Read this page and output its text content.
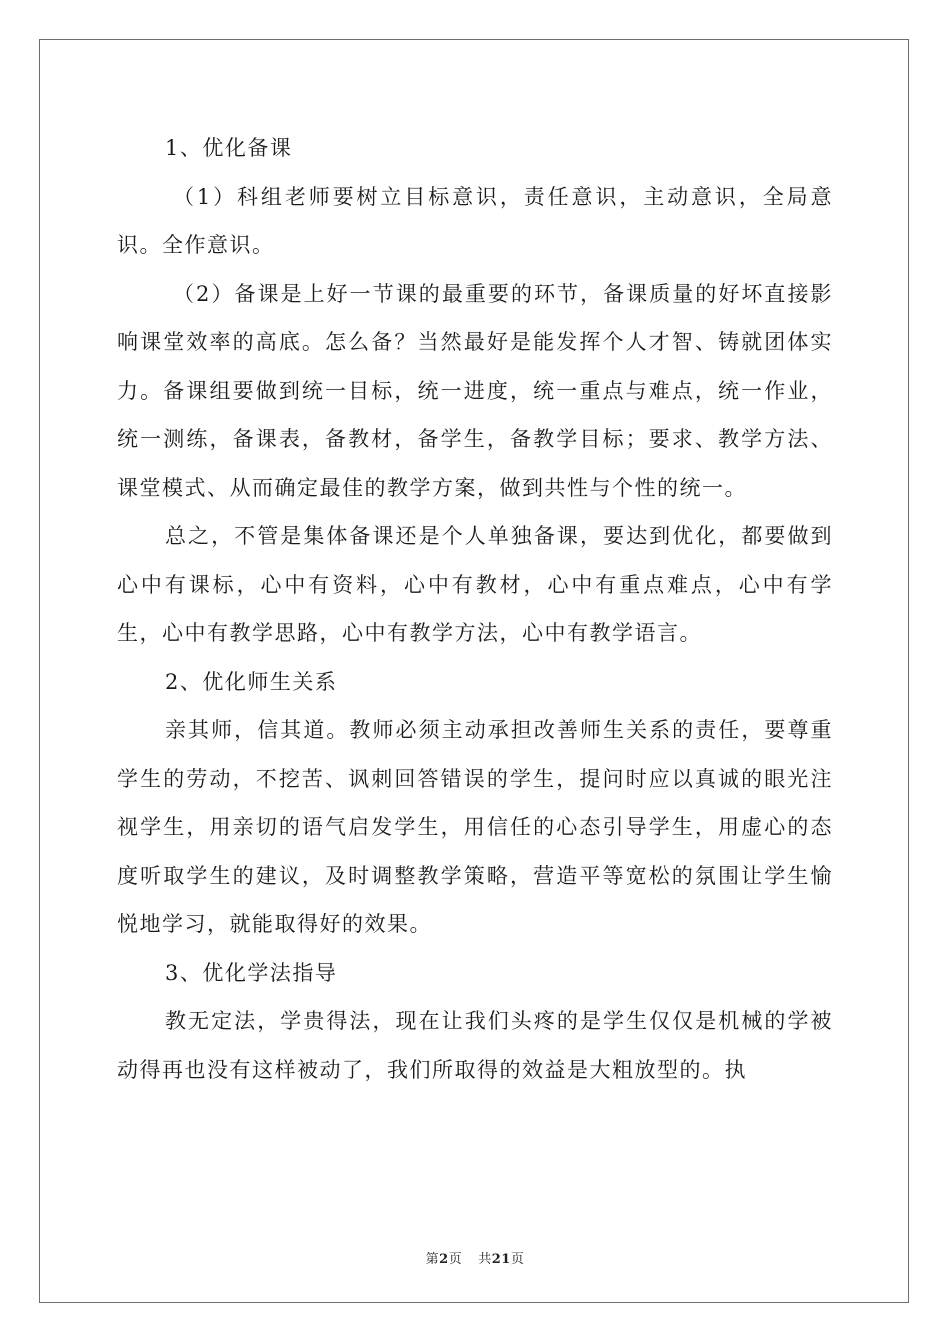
1、优化备课

（1）科组老师要树立目标意识，责任意识，主动意识，全局意识。全作意识。

（2）备课是上好一节课的最重要的环节，备课质量的好坏直接影响课堂效率的高底。怎么备？当然最好是能发挥个人才智、铸就团体实力。备课组要做到统一目标，统一进度，统一重点与难点，统一作业，统一测练，备课表，备教材，备学生，备教学目标；要求、教学方法、课堂模式、从而确定最佳的教学方案，做到共性与个性的统一。

总之，不管是集体备课还是个人单独备课，要达到优化，都要做到心中有课标，心中有资料，心中有教材，心中有重点难点，心中有学生，心中有教学思路，心中有教学方法，心中有教学语言。

2、优化师生关系

亲其师，信其道。教师必须主动承担改善师生关系的责任，要尊重学生的劳动，不挖苦、讽刺回答错误的学生，提问时应以真诚的眼光注视学生，用亲切的语气启发学生，用信任的心态引导学生，用虚心的态度听取学生的建议，及时调整教学策略，营造平等宽松的氛围让学生愉悦地学习，就能取得好的效果。

3、优化学法指导

教无定法，学贵得法，现在让我们头疼的是学生仅仅是机械的学被动得再也没有这样被动了，我们所取得的效益是大粗放型的。执

第2页 共21页
